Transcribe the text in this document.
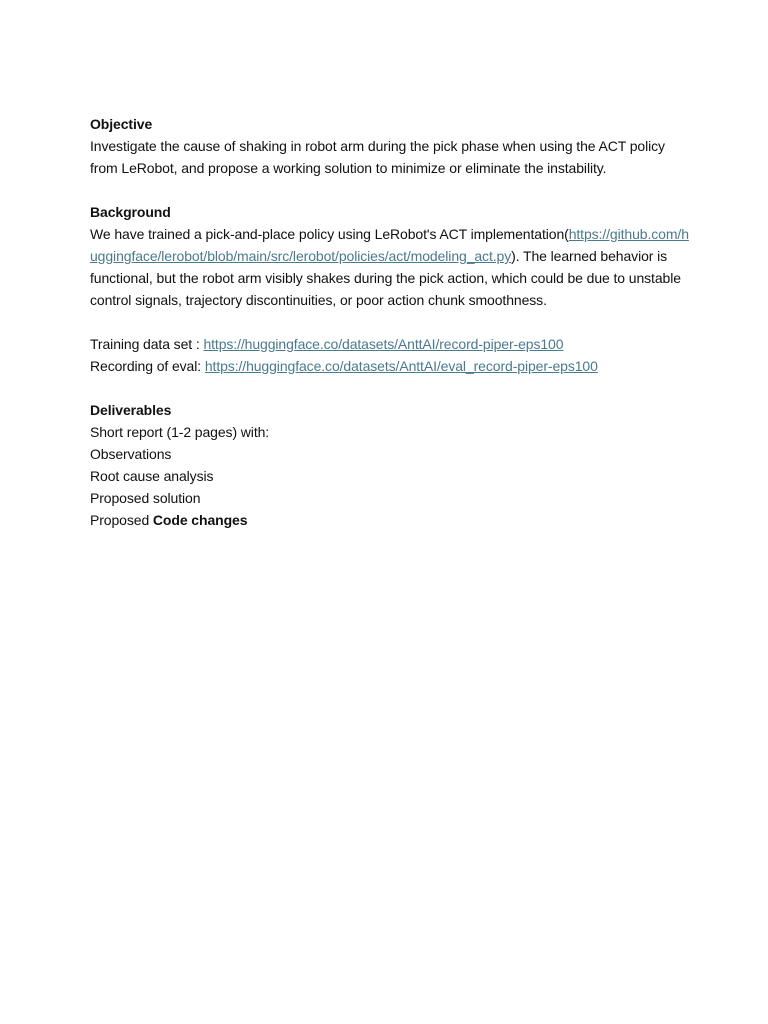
Objective
Investigate the cause of shaking in robot arm during the pick phase when using the ACT policy from LeRobot, and propose a working solution to minimize or eliminate the instability.
Background
We have trained a pick-and-place policy using LeRobot's ACT implementation(https://github.com/huggingface/lerobot/blob/main/src/lerobot/policies/act/modeling_act.py). The learned behavior is functional, but the robot arm visibly shakes during the pick action, which could be due to unstable control signals, trajectory discontinuities, or poor action chunk smoothness.
Training data set : https://huggingface.co/datasets/AnttAI/record-piper-eps100
Recording of eval: https://huggingface.co/datasets/AnttAI/eval_record-piper-eps100
Deliverables
Short report (1-2 pages) with:
Observations
Root cause analysis
Proposed solution
Proposed Code changes
